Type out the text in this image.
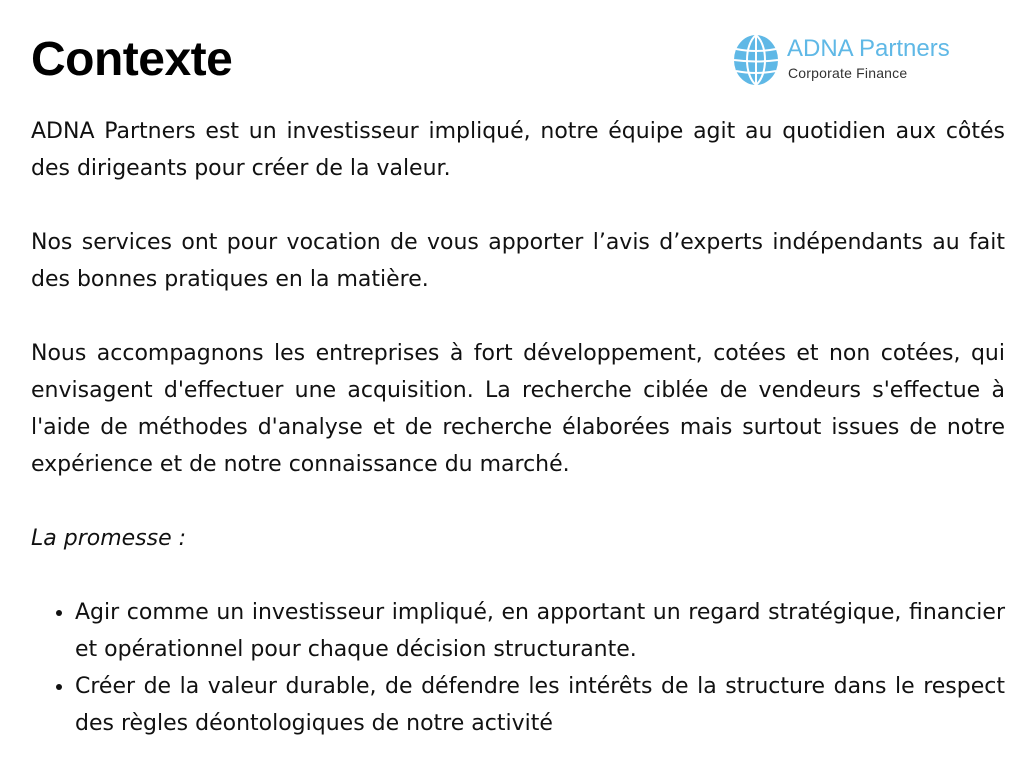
Contexte	ADNA Partners
Corporate Finance

ADNA Partners est un investisseur impliqué, notre équipe agit au quotidien aux côtés des dirigeants pour créer de la valeur.

Nos services ont pour vocation de vous apporter l’avis d’experts indépendants au fait des bonnes pratiques en la matière.

Nous accompagnons les entreprises à fort développement, cotées et non cotées, qui envisagent d'effectuer une acquisition. La recherche ciblée de vendeurs s'effectue à l'aide de méthodes d'analyse et de recherche élaborées mais surtout issues de notre expérience et de notre connaissance du marché.

La promesse :

• Agir comme un investisseur impliqué, en apportant un regard stratégique, financier et opérationnel pour chaque décision structurante.
• Créer de la valeur durable, de défendre les intérêts de la structure dans le respect des règles déontologiques de notre activité
